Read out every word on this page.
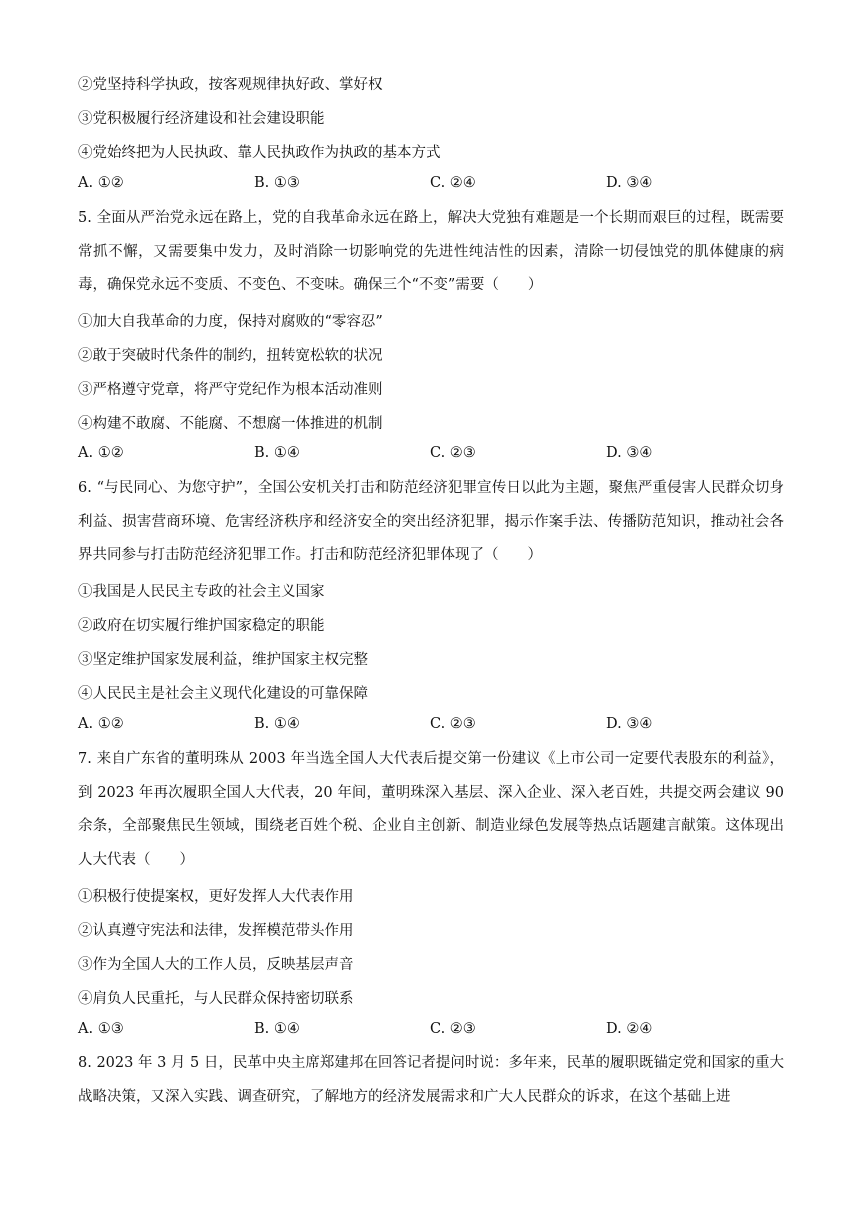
②党坚持科学执政，按客观规律执好政、掌好权
③党积极履行经济建设和社会建设职能
④党始终把为人民执政、靠人民执政作为执政的基本方式
A. ①②	B. ①③	C. ②④	D. ③④
5. 全面从严治党永远在路上，党的自我革命永远在路上，解决大党独有难题是一个长期而艰巨的过程，既需要常抓不懈，又需要集中发力，及时消除一切影响党的先进性纯洁性的因素，清除一切侵蚀党的肌体健康的病毒，确保党永远不变质、不变色、不变味。确保三个“不变”需要（　　）
①加大自我革命的力度，保持对腐败的“零容忍”
②敢于突破时代条件的制约，扭转宽松软的状况
③严格遵守党章，将严守党纪作为根本活动准则
④构建不敢腐、不能腐、不想腐一体推进的机制
A. ①②	B. ①④	C. ②③	D. ③④
6. “与民同心、为您守护”，全国公安机关打击和防范经济犯罪宣传日以此为主题，聚焦严重侵害人民群众切身利益、损害营商环境、危害经济秩序和经济安全的突出经济犯罪，揭示作案手法、传播防范知识，推动社会各界共同参与打击防范经济犯罪工作。打击和防范经济犯罪体现了（　　）
①我国是人民民主专政的社会主义国家
②政府在切实履行维护国家稳定的职能
③坚定维护国家发展利益，维护国家主权完整
④人民民主是社会主义现代化建设的可靠保障
A. ①②	B. ①④	C. ②③	D. ③④
7. 来自广东省的董明珠从 2003 年当选全国人大代表后提交第一份建议《上市公司一定要代表股东的利益》，到 2023 年再次履职全国人大代表，20 年间，董明珠深入基层、深入企业、深入老百姓，共提交两会建议 90 余条，全部聚焦民生领域，围绕老百姓个税、企业自主创新、制造业绿色发展等热点话题建言献策。这体现出人大代表（　　）
①积极行使提案权，更好发挥人大代表作用
②认真遵守宪法和法律，发挥模范带头作用
③作为全国人大的工作人员，反映基层声音
④肩负人民重托，与人民群众保持密切联系
A. ①③	B. ①④	C. ②③	D. ②④
8. 2023 年 3 月 5 日，民革中央主席郑建邦在回答记者提问时说：多年来，民革的履职既锚定党和国家的重大战略决策，又深入实践、调查研究，了解地方的经济发展需求和广大人民群众的诉求，在这个基础上进
